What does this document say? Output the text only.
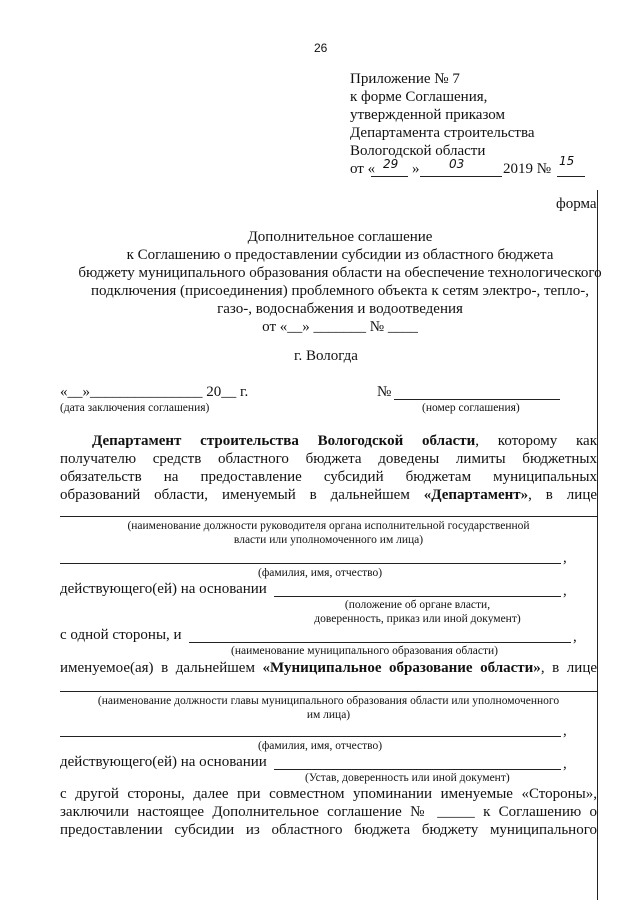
26
Приложение № 7
к форме Соглашения,
утвержденной приказом
Департамента строительства
Вологодской области
от « 29 » 03	2019 № 15
форма
Дополнительное соглашение
к Соглашению о предоставлении субсидии из областного бюджета
бюджету муниципального образования области на обеспечение технологического
подключения (присоединения) проблемного объекта к сетям электро-, тепло-,
газо-, водоснабжения и водоотведения
от «__» _______ № ____
г. Вологда
«__»_______________ 20__ г.	№
(дата заключения соглашения)	(номер соглашения)
Департамент строительства Вологодской области, которому как
получателю средств областного бюджета доведены лимиты бюджетных
обязательств на предоставление субсидий бюджетам муниципальных
образований области, именуемый в дальнейшем «Департамент», в лице
(наименование должности руководителя органа исполнительной государственной
власти или уполномоченного им лица)
,
(фамилия, имя, отчество)
действующего(ей) на основании	,
(положение об органе власти,
доверенность, приказ или иной документ)
с одной стороны, и	,
(наименование муниципального образования области)
именуемое(ая) в дальнейшем «Муниципальное образование области», в лице
(наименование должности главы муниципального образования области или уполномоченного
им лица)
,
(фамилия, имя, отчество)
действующего(ей) на основании	,
(Устав, доверенность или иной документ)
с другой стороны, далее при совместном упоминании именуемые «Стороны»,
заключили настоящее Дополнительное соглашение № _____ к Соглашению о
предоставлении субсидии из областного бюджета бюджету муниципального
